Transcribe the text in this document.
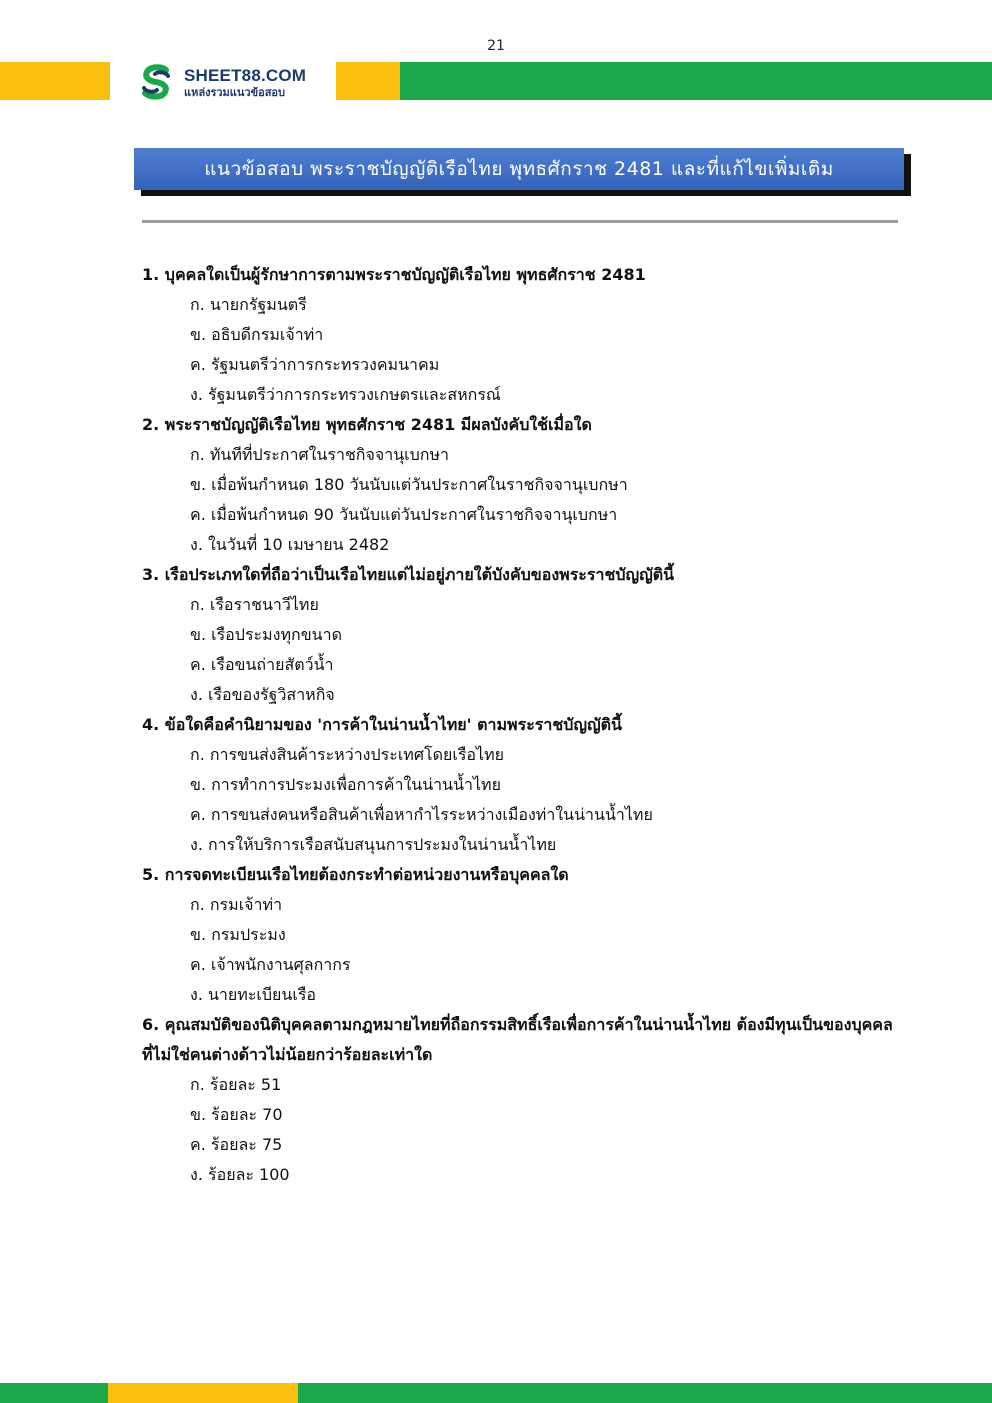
21
SHEET88.COM
แหล่งรวมแนวข้อสอบ
แนวข้อสอบ พระราชบัญญัติเรือไทย พุทธศักราช 2481 และที่แก้ไขเพิ่มเติม
1. บุคคลใดเป็นผู้รักษาการตามพระราชบัญญัติเรือไทย พุทธศักราช 2481
ก. นายกรัฐมนตรี
ข. อธิบดีกรมเจ้าท่า
ค. รัฐมนตรีว่าการกระทรวงคมนาคม
ง. รัฐมนตรีว่าการกระทรวงเกษตรและสหกรณ์
2. พระราชบัญญัติเรือไทย พุทธศักราช 2481 มีผลบังคับใช้เมื่อใด
ก. ทันทีที่ประกาศในราชกิจจานุเบกษา
ข. เมื่อพ้นกำหนด 180 วันนับแต่วันประกาศในราชกิจจานุเบกษา
ค. เมื่อพ้นกำหนด 90 วันนับแต่วันประกาศในราชกิจจานุเบกษา
ง. ในวันที่ 10 เมษายน 2482
3. เรือประเภทใดที่ถือว่าเป็นเรือไทยแต่ไม่อยู่ภายใต้บังคับของพระราชบัญญัตินี้
ก. เรือราชนาวีไทย
ข. เรือประมงทุกขนาด
ค. เรือขนถ่ายสัตว์น้ำ
ง. เรือของรัฐวิสาหกิจ
4. ข้อใดคือคำนิยามของ 'การค้าในน่านน้ำไทย' ตามพระราชบัญญัตินี้
ก. การขนส่งสินค้าระหว่างประเทศโดยเรือไทย
ข. การทำการประมงเพื่อการค้าในน่านน้ำไทย
ค. การขนส่งคนหรือสินค้าเพื่อหากำไรระหว่างเมืองท่าในน่านน้ำไทย
ง. การให้บริการเรือสนับสนุนการประมงในน่านน้ำไทย
5. การจดทะเบียนเรือไทยต้องกระทำต่อหน่วยงานหรือบุคคลใด
ก. กรมเจ้าท่า
ข. กรมประมง
ค. เจ้าพนักงานศุลกากร
ง. นายทะเบียนเรือ
6. คุณสมบัติของนิติบุคคลตามกฎหมายไทยที่ถือกรรมสิทธิ์เรือเพื่อการค้าในน่านน้ำไทย ต้องมีทุนเป็นของบุคคลที่ไม่ใช่คนต่างด้าวไม่น้อยกว่าร้อยละเท่าใด
ก. ร้อยละ 51
ข. ร้อยละ 70
ค. ร้อยละ 75
ง. ร้อยละ 100
